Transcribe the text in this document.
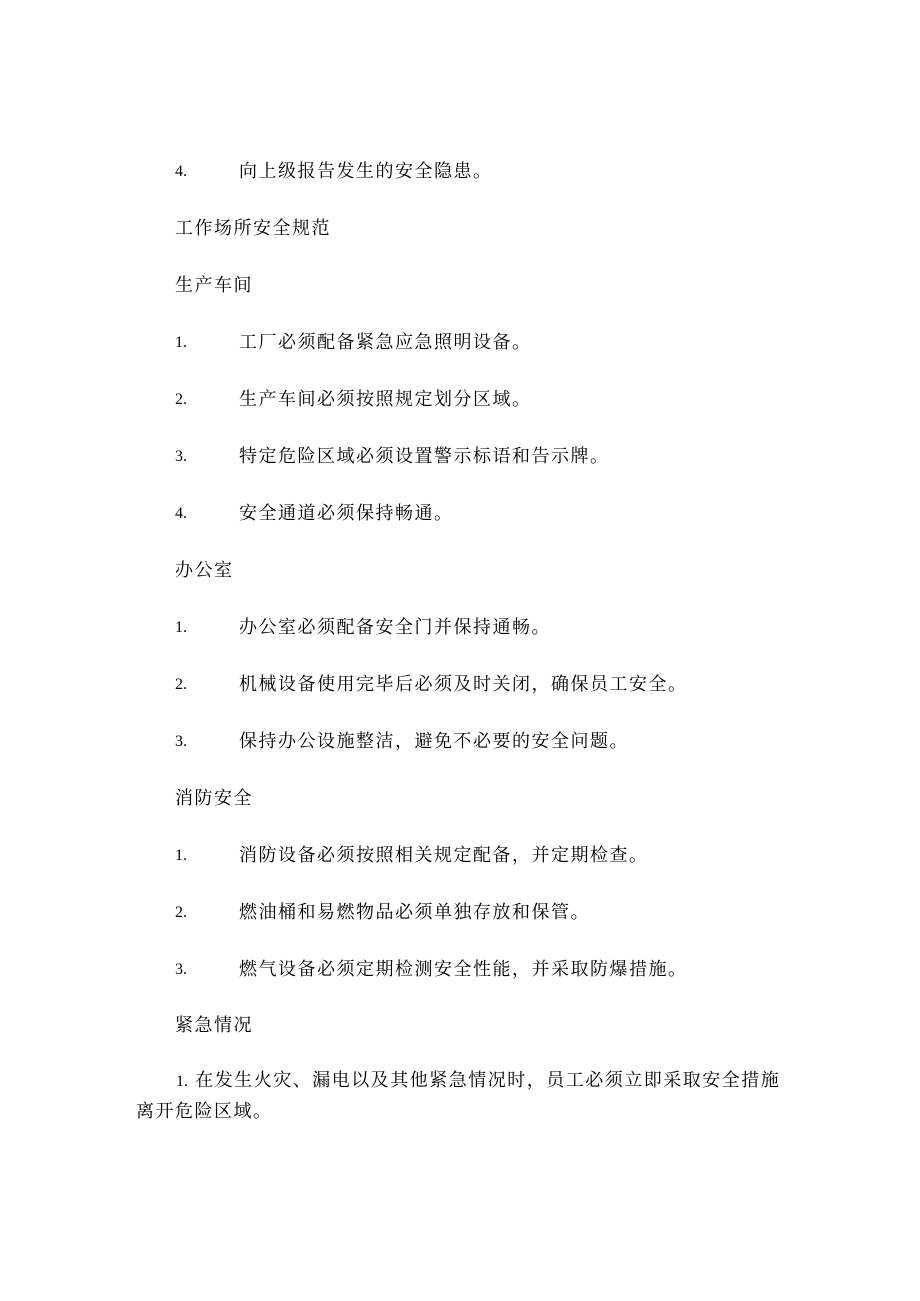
4.	向上级报告发生的安全隐患。
工作场所安全规范
生产车间
1.	工厂必须配备紧急应急照明设备。
2.	生产车间必须按照规定划分区域。
3.	特定危险区域必须设置警示标语和告示牌。
4.	安全通道必须保持畅通。
办公室
1.	办公室必须配备安全门并保持通畅。
2.	机械设备使用完毕后必须及时关闭，确保员工安全。
3.	保持办公设施整洁，避免不必要的安全问题。
消防安全
1.	消防设备必须按照相关规定配备，并定期检查。
2.	燃油桶和易燃物品必须单独存放和保管。
3.	燃气设备必须定期检测安全性能，并采取防爆措施。
紧急情况
1. 在发生火灾、漏电以及其他紧急情况时，员工必须立即采取安全措施离开危险区域。
